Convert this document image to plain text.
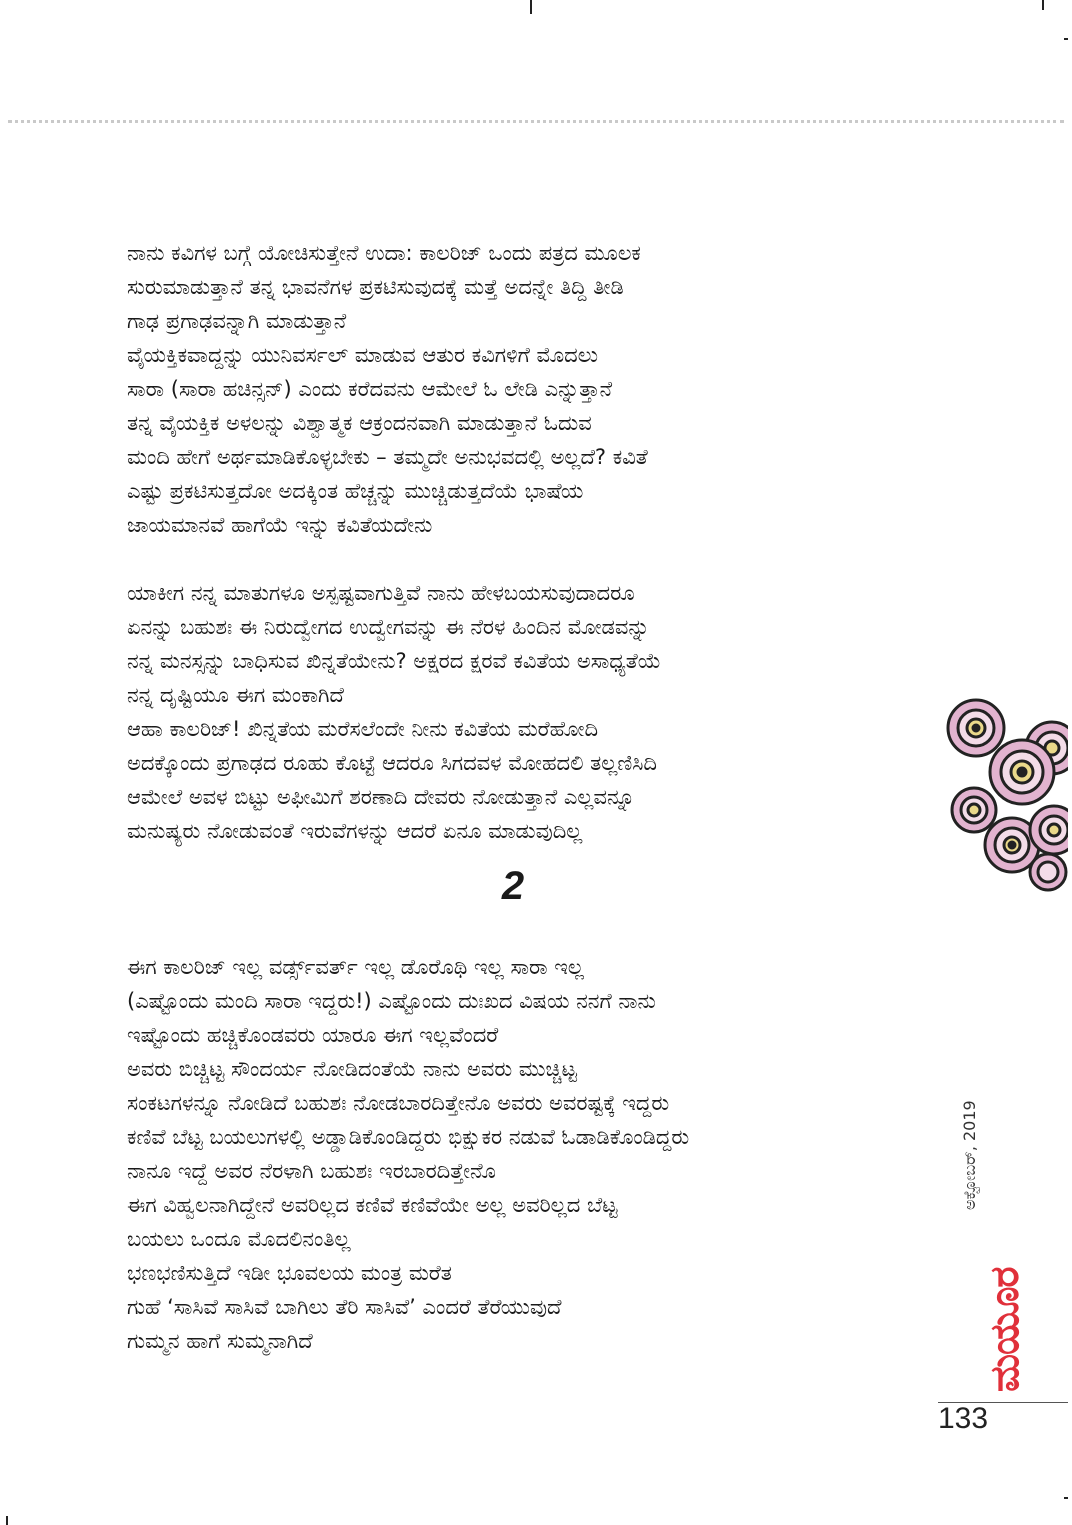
ನಾನು ಕವಿಗಳ ಬಗ್ಗೆ ಯೋಚಿಸುತ್ತೇನೆ ಉದಾ: ಕಾಲರಿಜ್ ಒಂದು ಪತ್ರದ ಮೂಲಕ
ಸುರುಮಾಡುತ್ತಾನೆ ತನ್ನ ಭಾವನೆಗಳ ಪ್ರಕಟಿಸುವುದಕ್ಕೆ ಮತ್ತೆ ಅದನ್ನೇ ತಿದ್ದಿ ತೀಡಿ
ಗಾಢ ಪ್ರಗಾಢವನ್ನಾಗಿ ಮಾಡುತ್ತಾನೆ
ವೈಯಕ್ತಿಕವಾದ್ದನ್ನು ಯುನಿವರ್ಸಲ್ ಮಾಡುವ ಆತುರ ಕವಿಗಳಿಗೆ ಮೊದಲು
ಸಾರಾ (ಸಾರಾ ಹಚಿನ್ಸನ್) ಎಂದು ಕರೆದವನು ಆಮೇಲೆ ಓ ಲೇಡಿ ಎನ್ನುತ್ತಾನೆ
ತನ್ನ ವೈಯಕ್ತಿಕ ಅಳಲನ್ನು ವಿಶ್ವಾತ್ಮಕ ಆಕ್ರಂದನವಾಗಿ ಮಾಡುತ್ತಾನೆ ಓದುವ
ಮಂದಿ ಹೇಗೆ ಅರ್ಥಮಾಡಿಕೊಳ್ಳಬೇಕು – ತಮ್ಮದೇ ಅನುಭವದಲ್ಲಿ ಅಲ್ಲದೆ? ಕವಿತೆ
ಎಷ್ಟು ಪ್ರಕಟಿಸುತ್ತದೋ ಅದಕ್ಕಿಂತ ಹೆಚ್ಚನ್ನು ಮುಚ್ಚಿಡುತ್ತದೆಯೆ ಭಾಷೆಯ
ಜಾಯಮಾನವೆ ಹಾಗೆಯೆ ಇನ್ನು ಕವಿತೆಯದೇನು
ಯಾಕೀಗ ನನ್ನ ಮಾತುಗಳೂ ಅಸ್ಪಷ್ಟವಾಗುತ್ತಿವೆ ನಾನು ಹೇಳಬಯಸುವುದಾದರೂ
ಏನನ್ನು ಬಹುಶಃ ಈ ನಿರುದ್ವೇಗದ ಉದ್ವೇಗವನ್ನು ಈ ನೆರಳ ಹಿಂದಿನ ಮೋಡವನ್ನು
ನನ್ನ ಮನಸ್ಸನ್ನು ಬಾಧಿಸುವ ಖಿನ್ನತೆಯೇನು? ಅಕ್ಷರದ ಕ್ಷರವೆ ಕವಿತೆಯ ಅಸಾಧ್ಯತೆಯೆ
ನನ್ನ ದೃಷ್ಟಿಯೂ ಈಗ ಮಂಕಾಗಿದೆ
ಆಹಾ ಕಾಲರಿಜ್! ಖಿನ್ನತೆಯ ಮರೆಸಲೆಂದೇ ನೀನು ಕವಿತೆಯ ಮರೆಹೋದಿ
ಅದಕ್ಕೊಂದು ಪ್ರಗಾಢದ ರೂಹು ಕೊಟ್ಟೆ ಆದರೂ ಸಿಗದವಳ ಮೋಹದಲಿ ತಲ್ಲಣಿಸಿದಿ
ಆಮೇಲೆ ಅವಳ ಬಿಟ್ಟು ಅಫೀಮಿಗೆ ಶರಣಾದಿ ದೇವರು ನೋಡುತ್ತಾನೆ ಎಲ್ಲವನ್ನೂ
ಮನುಷ್ಯರು ನೋಡುವಂತೆ ಇರುವೆಗಳನ್ನು ಆದರೆ ಏನೂ ಮಾಡುವುದಿಲ್ಲ
2
ಈಗ ಕಾಲರಿಜ್ ಇಲ್ಲ ವರ್ಡ್ಸ್‌ವರ್ತ್ ಇಲ್ಲ ಡೊರೊಥಿ ಇಲ್ಲ ಸಾರಾ ಇಲ್ಲ
(ಎಷ್ಟೊಂದು ಮಂದಿ ಸಾರಾ ಇದ್ದರು!) ಎಷ್ಟೊಂದು ದುಃಖದ ವಿಷಯ ನನಗೆ ನಾನು
ಇಷ್ಟೊಂದು ಹಚ್ಚಿಕೊಂಡವರು ಯಾರೂ ಈಗ ಇಲ್ಲವೆಂದರೆ
ಅವರು ಬಿಚ್ಚಿಟ್ಟ ಸೌಂದರ್ಯ ನೋಡಿದಂತೆಯೆ ನಾನು ಅವರು ಮುಚ್ಚಿಟ್ಟ
ಸಂಕಟಗಳನ್ನೂ ನೋಡಿದೆ ಬಹುಶಃ ನೋಡಬಾರದಿತ್ತೇನೊ ಅವರು ಅವರಷ್ಟಕ್ಕೆ ಇದ್ದರು
ಕಣಿವೆ ಬೆಟ್ಟ ಬಯಲುಗಳಲ್ಲಿ ಅಡ್ಡಾಡಿಕೊಂಡಿದ್ದರು ಭಿಕ್ಷುಕರ ನಡುವೆ ಓಡಾಡಿಕೊಂಡಿದ್ದರು
ನಾನೂ ಇದ್ದೆ ಅವರ ನೆರಳಾಗಿ ಬಹುಶಃ ಇರಬಾರದಿತ್ತೇನೊ
ಈಗ ವಿಹ್ವಲನಾಗಿದ್ದೇನೆ ಅವರಿಲ್ಲದ ಕಣಿವೆ ಕಣಿವೆಯೇ ಅಲ್ಲ ಅವರಿಲ್ಲದ ಬೆಟ್ಟ
ಬಯಲು ಒಂದೂ ಮೊದಲಿನಂತಿಲ್ಲ
ಭಣಭಣಿಸುತ್ತಿದೆ ಇಡೀ ಭೂವಲಯ ಮಂತ್ರ ಮರೆತ
ಗುಹೆ ‘ಸಾಸಿವೆ ಸಾಸಿವೆ ಬಾಗಿಲು ತೆರಿ ಸಾಸಿವೆ’ ಎಂದರೆ ತೆರೆಯುವುದೆ
ಗುಮ್ಮನ ಹಾಗೆ ಸುಮ್ಮನಾಗಿದೆ
ಅಕ್ಟೋಬರ್, 2019
ಮಯೂರ
133
